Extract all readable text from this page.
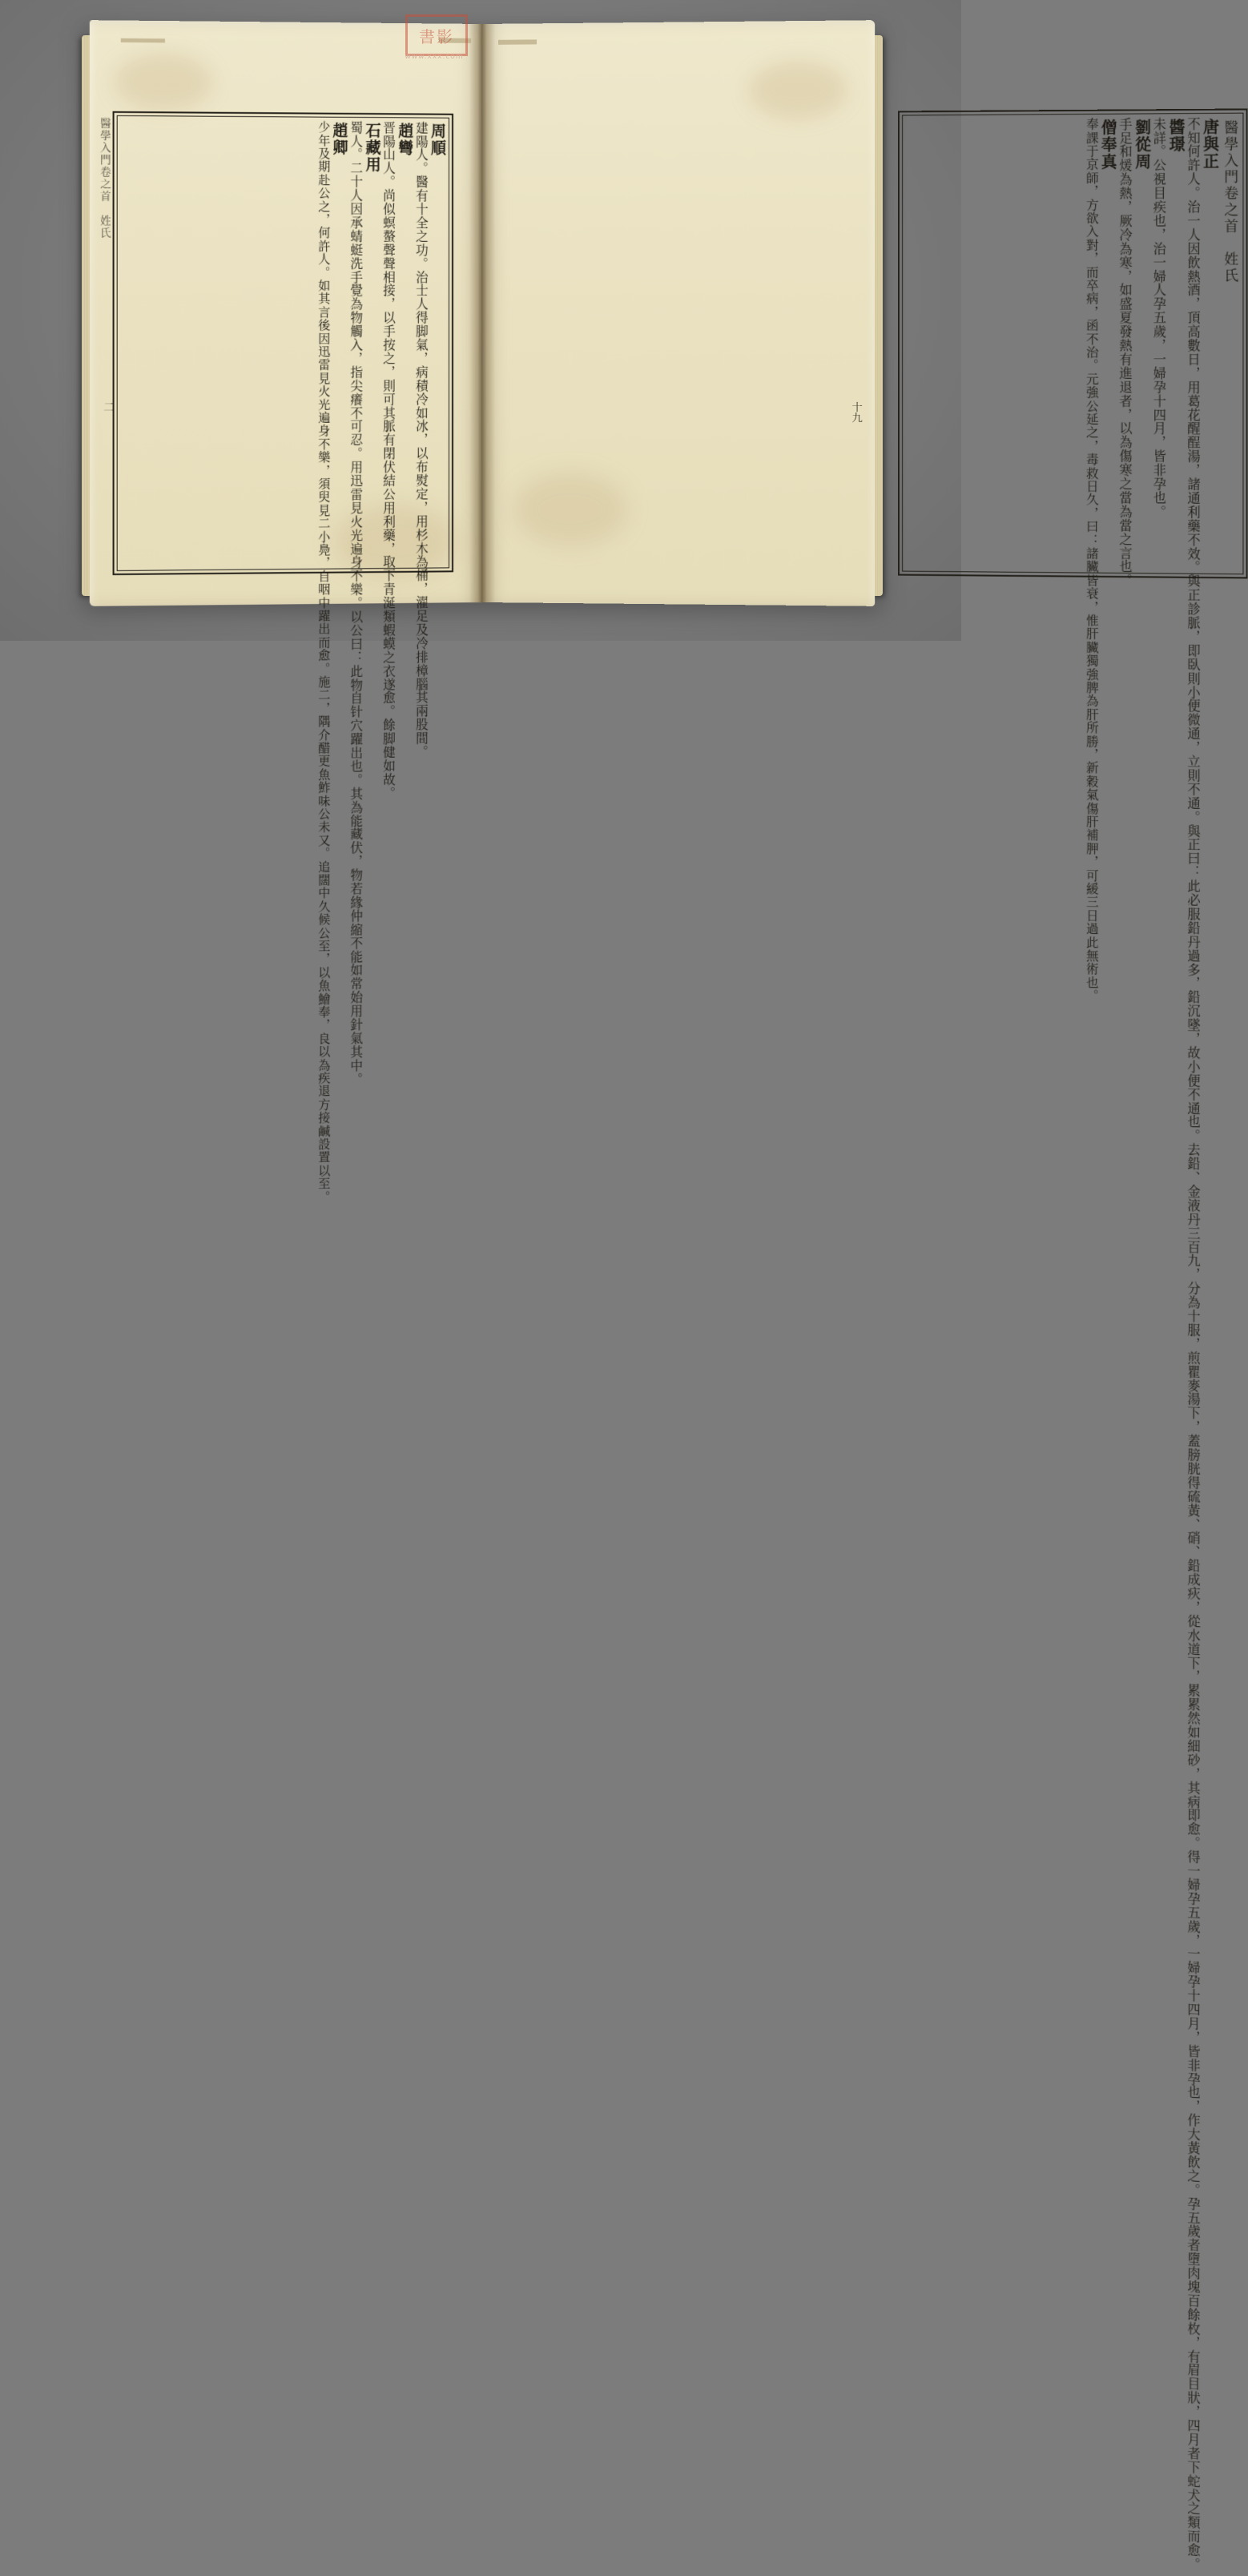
醫學入門卷之首　姓氏
二
周順
建陽人。醫有十全之功。治士人得脚氣，病積冷如冰，以布熨定，用杉木為桶，濯足及冷排樟腦其兩股間。
趙彎
晋陽山人。尚似螟螯聲聲相接，以手按之，則可其脈有閉伏結公用利藥，取下青涎類蝦蟆之衣遂愈。餘脚健如故。
石藏用
蜀人。二十人因承蜻蜓洗手覺為物觸入，指尖癢不可忍。用迅雷見火光遍身不樂。以公曰：此物自针穴躍出也。其為能藏伏，物若緣仲縮不能如常始用針氣其中。
趙卿
少年及期赴公之，何許人。如其言後因迅雷見火光遍身不樂，須臾見二小鳧，自咽中躍出而愈。施二，隅介醋更魚鮓味公未又。追闊中久候公至，以魚鱠奉，良以為疾退方接鹹設置以至。	十九
醫學入門卷之首　姓氏
唐與正
不知何許人。治一人因飲熱酒，頂高數日，用葛花醒酲湯，諸通利藥不效。與正診脈，即臥則小便微通，立則不通。與正曰：此必服鉛丹過多，鉛沉墜，故小便不通也。去鉛、金液丹三百九，分為十服，煎瞿麥湯下，蓋膀胱得硫黃、硝、鉛成疢，從水道下，累累然如細砂，其病即愈。得一婦孕五歲，一婦孕十四月，皆非孕也，作大黃飲之。孕五歲者墮肉塊百餘枚，有眉目狀，四月者下蛇犬之類而愈。
醬璟
未詳。公視目疾也，治一婦人孕五歲，一婦孕十四月，皆非孕也。
劉從周
手足和煖為熱，厥冷為寒，如盛夏發熱有進退者，以為傷寒之當為當之言也。
僧奉真
奉課于京師，方欲入對，而卒病，函不治。元強公延之，毒救日久，曰：諸臟皆衰，惟肝臟獨強脾為肝所勝，新穀氣傷肝補胛，可緩三日過此無術也。
書影
www.xxx.com
